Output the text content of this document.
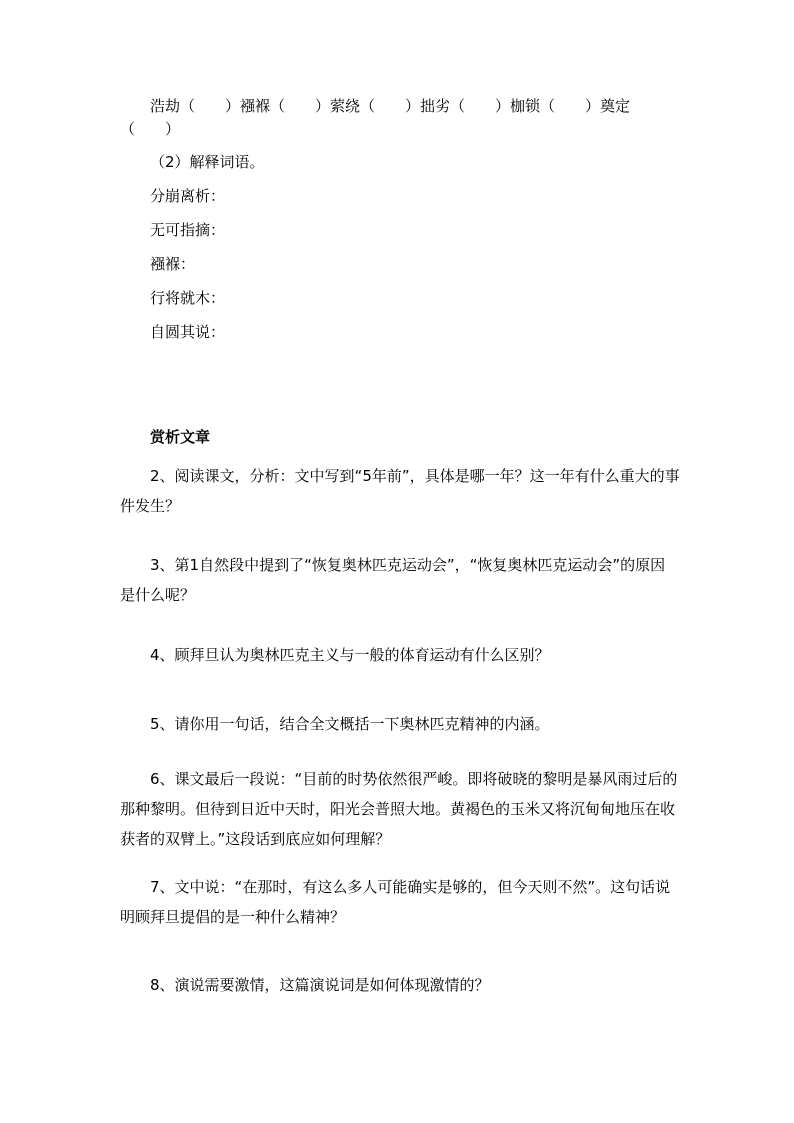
浩劫（　　）襁褓（　　）萦绕（　　）拙劣（　　）枷锁（　　）奠定
（　　）
（2）解释词语。
分崩离析：
无可指摘：
襁褓：
行将就木：
自圆其说：
赏析文章
2、阅读课文，分析：文中写到“5年前”，具体是哪一年？这一年有什么重大的事件发生？
3、第1自然段中提到了“恢复奥林匹克运动会”，“恢复奥林匹克运动会”的原因是什么呢？
4、顾拜旦认为奥林匹克主义与一般的体育运动有什么区别？
5、请你用一句话，结合全文概括一下奥林匹克精神的内涵。
6、课文最后一段说：“目前的时势依然很严峻。即将破晓的黎明是暴风雨过后的那种黎明。但待到日近中天时，阳光会普照大地。黄褐色的玉米又将沉甸甸地压在收获者的双臂上。”这段话到底应如何理解？
7、文中说：“在那时，有这么多人可能确实是够的，但今天则不然”。这句话说明顾拜旦提倡的是一种什么精神？
8、演说需要激情，这篇演说词是如何体现激情的？
